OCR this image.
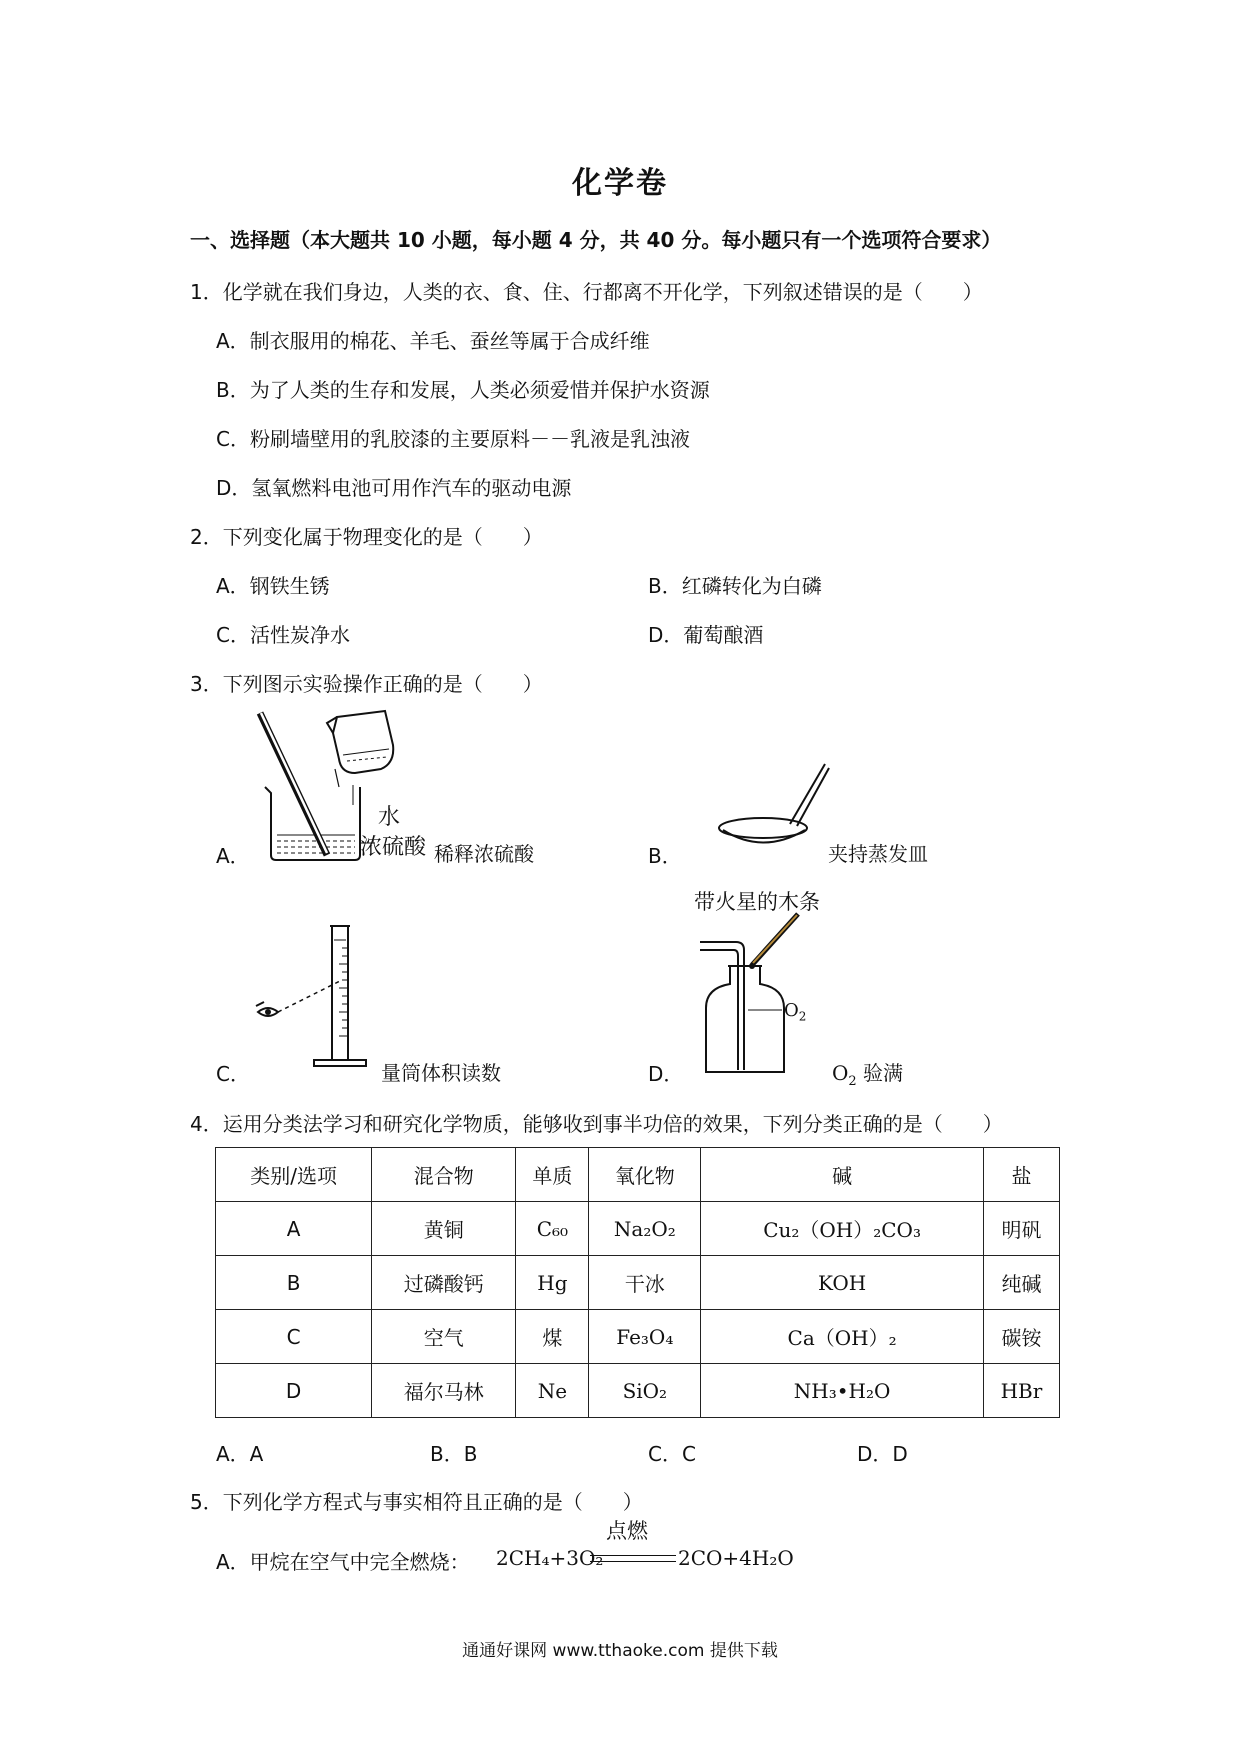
化学卷
一、选择题（本大题共 10 小题，每小题 4 分，共 40 分。每小题只有一个选项符合要求）
1．化学就在我们身边，人类的衣、食、住、行都离不开化学，下列叙述错误的是（　　）
A．制衣服用的棉花、羊毛、蚕丝等属于合成纤维
B．为了人类的生存和发展，人类必须爱惜并保护水资源
C．粉刷墙壁用的乳胶漆的主要原料－－乳液是乳浊液
D．氢氧燃料电池可用作汽车的驱动电源
2．下列变化属于物理变化的是（　　）
A．钢铁生锈	B．红磷转化为白磷
C．活性炭净水	D．葡萄酿酒
3．下列图示实验操作正确的是（　　）
A．
水
浓硫酸 稀释浓硫酸	B．	夹持蒸发皿
C．	量筒体积读数
带火星的木条
D．
$O_2$
$O_2$ 验满
4．运用分类法学习和研究化学物质，能够收到事半功倍的效果，下列分类正确的是（　　）
类别/选项	混合物	单质	氧化物	碱	盐
A	黄铜	C₆₀	Na₂O₂	Cu₂（OH）₂CO₃	明矾
B	过磷酸钙	Hg	干冰	KOH	纯碱
C	空气	煤	Fe₃O₄	Ca（OH）₂	碳铵
D	福尔马林	Ne	SiO₂	NH₃•H₂O	HBr
A．A	B．B	C．C	D．D
5．下列化学方程式与事实相符且正确的是（　　）
A．甲烷在空气中完全燃烧： 2CH₄+3O₂
点燃
2CO+4H₂O
通通好课网 www.tthaoke.com 提供下载
